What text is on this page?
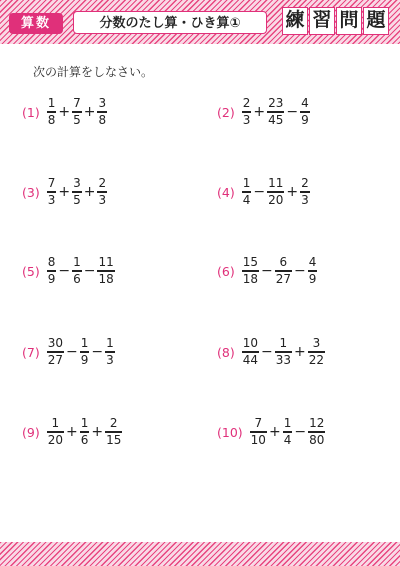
算数	分数のたし算・ひき算①	練 習 問 題
次の計算をしなさい。
$(1) \frac{1}{8} + \frac{7}{5} + \frac{3}{8}$	$(2) \frac{2}{3} + \frac{23}{45} - \frac{4}{9}$
$(3) \frac{7}{3} + \frac{3}{5} + \frac{2}{3}$	$(4) \frac{1}{4} - \frac{11}{20} + \frac{2}{3}$
$(5) \frac{8}{9} - \frac{1}{6} - \frac{11}{18}$	$(6) \frac{15}{18} - \frac{6}{27} - \frac{4}{9}$
$(7) \frac{30}{27} - \frac{1}{9} - \frac{1}{3}$	$(8) \frac{10}{44} - \frac{1}{33} + \frac{3}{22}$
$(9) \frac{1}{20} + \frac{1}{6} + \frac{2}{15}$	$(10) \frac{7}{10} + \frac{1}{4} - \frac{12}{80}$
